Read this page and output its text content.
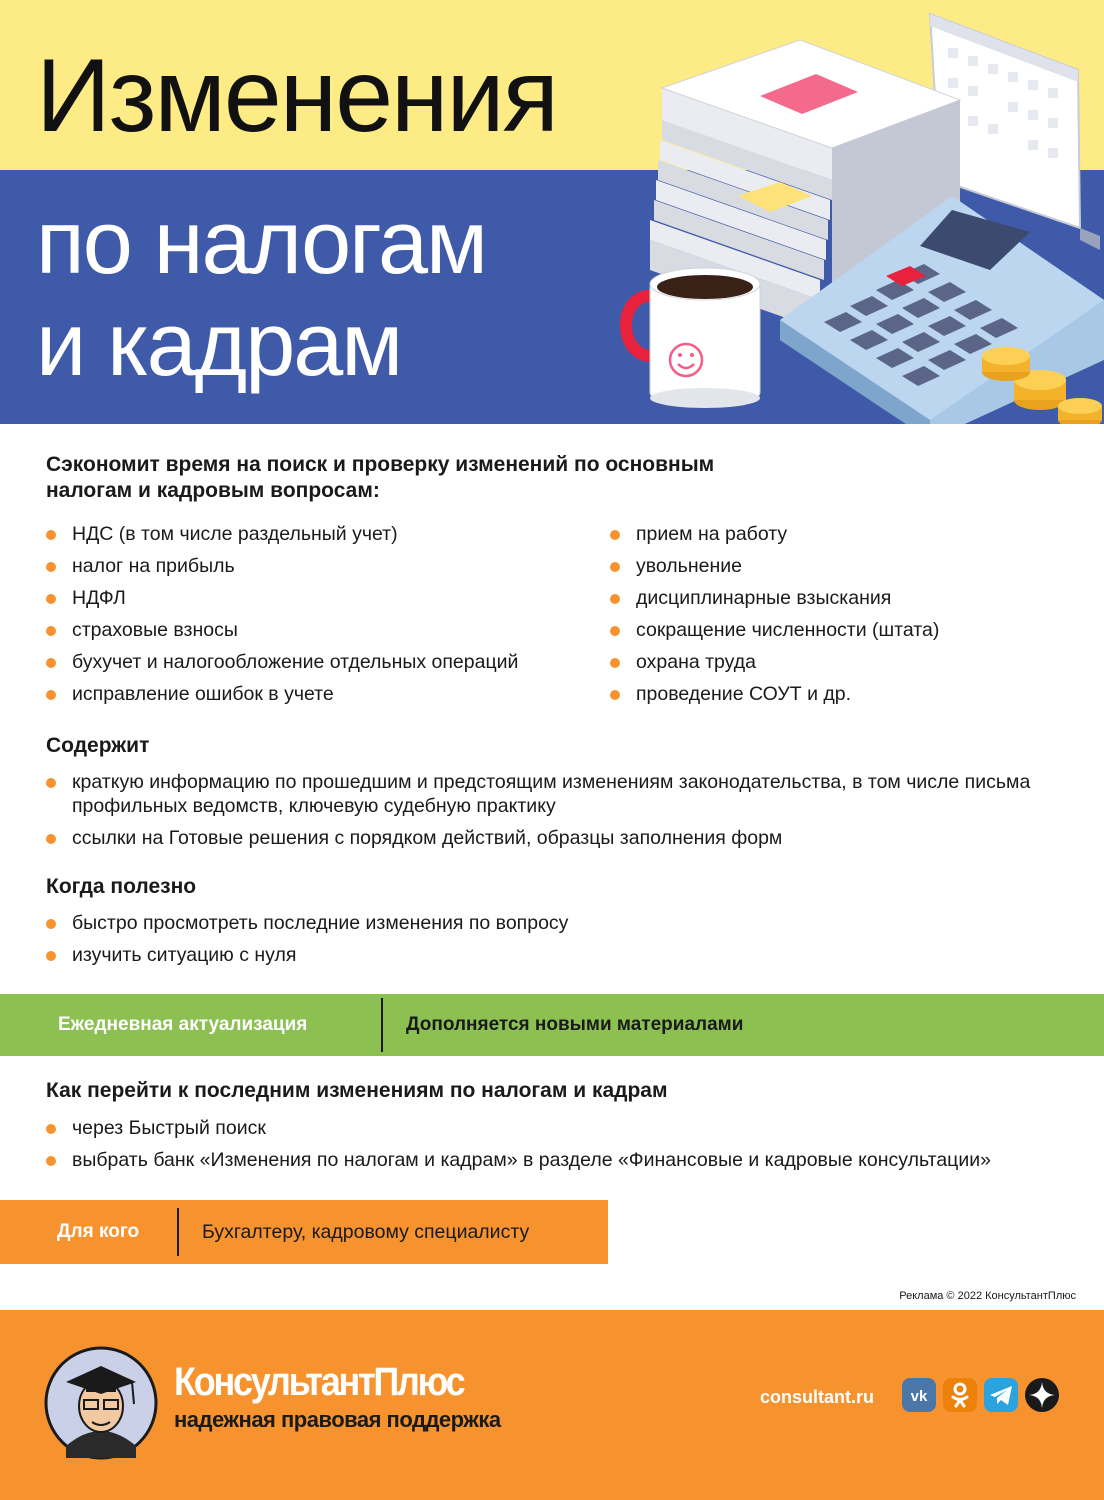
Изменения
по налогам
и кадрам
Сэкономит время на поиск и проверку изменений по основным
налогам и кадровым вопросам:
НДС (в том числе раздельный учет)
налог на прибыль
НДФЛ
страховые взносы
бухучет и налогообложение отдельных операций
исправление ошибок в учете
прием на работу
увольнение
дисциплинарные взыскания
сокращение численности (штата)
охрана труда
проведение СОУТ и др.
Содержит
краткую информацию по прошедшим и предстоящим изменениям законодательства, в том числе письма профильных ведомств, ключевую судебную практику
ссылки на Готовые решения с порядком действий, образцы заполнения форм
Когда полезно
быстро просмотреть последние изменения по вопросу
изучить ситуацию с нуля
Ежедневная актуализация	Дополняется новыми материалами
Как перейти к последним изменениям по налогам и кадрам
через Быстрый поиск
выбрать банк «Изменения по налогам и кадрам» в разделе «Финансовые и кадровые консультации»
Для кого	Бухгалтеру, кадровому специалисту
Реклама © 2022 КонсультантПлюс
КонсультантПлюс
надежная правовая поддержка
consultant.ru vk
